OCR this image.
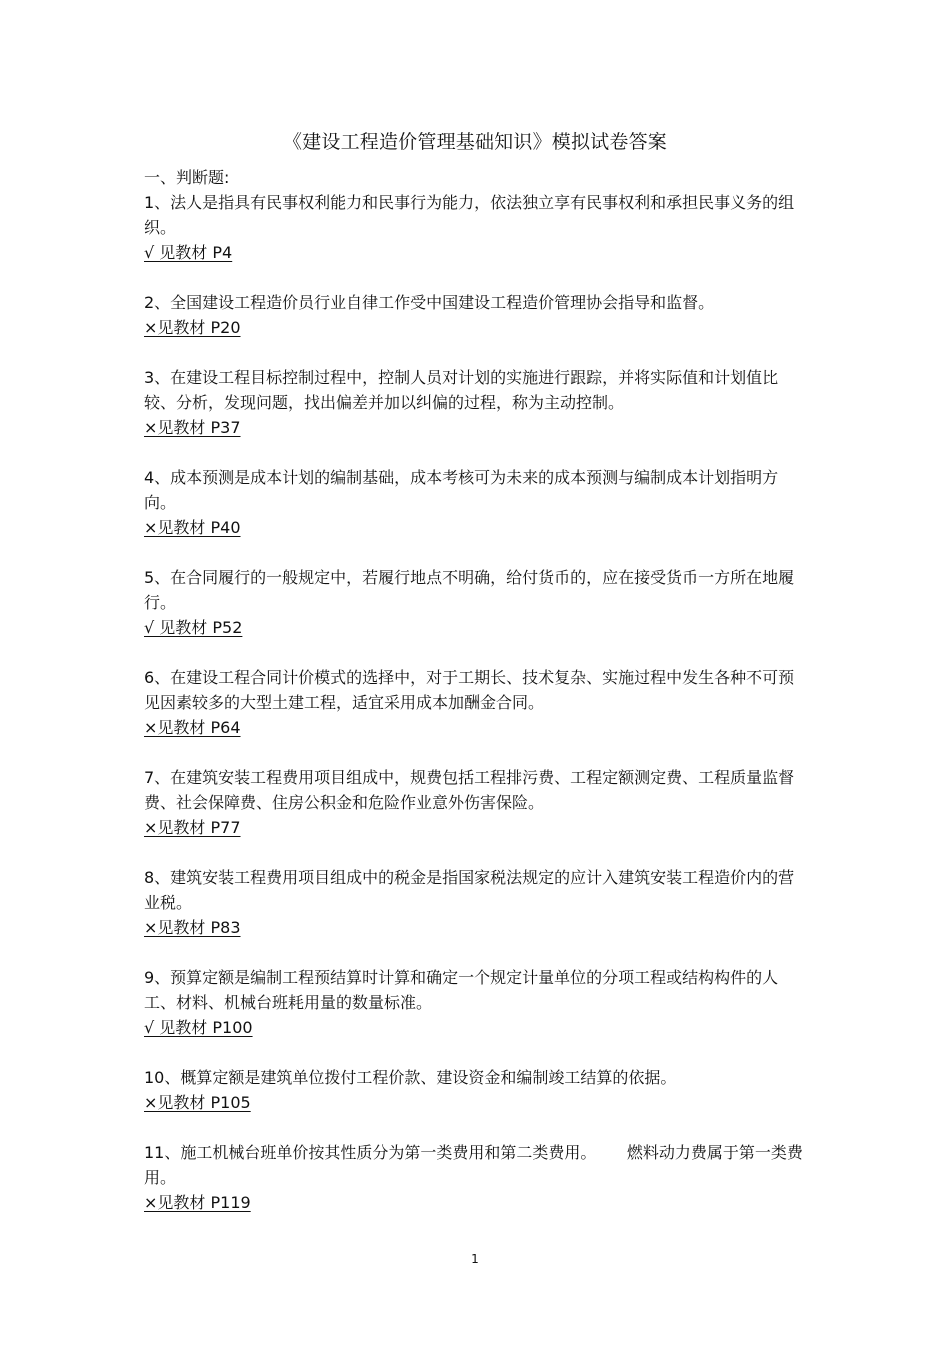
《建设工程造价管理基础知识》模拟试卷答案
一、判断题:

1、法人是指具有民事权利能力和民事行为能力，依法独立享有民事权利和承担民事义务的组织。

√ 见教材 P4

2、全国建设工程造价员行业自律工作受中国建设工程造价管理协会指导和监督。

×见教材 P20

3、在建设工程目标控制过程中，控制人员对计划的实施进行跟踪，并将实际值和计划值比较、分析，发现问题，找出偏差并加以纠偏的过程，称为主动控制。

×见教材 P37

4、成本预测是成本计划的编制基础，成本考核可为未来的成本预测与编制成本计划指明方向。

×见教材 P40

5、在合同履行的一般规定中，若履行地点不明确，给付货币的，应在接受货币一方所在地履行。

√ 见教材 P52

6、在建设工程合同计价模式的选择中，对于工期长、技术复杂、实施过程中发生各种不可预见因素较多的大型土建工程，适宜采用成本加酬金合同。

×见教材 P64

7、在建筑安装工程费用项目组成中，规费包括工程排污费、工程定额测定费、工程质量监督费、社会保障费、住房公积金和危险作业意外伤害保险。

×见教材 P77

8、建筑安装工程费用项目组成中的税金是指国家税法规定的应计入建筑安装工程造价内的营业税。

×见教材 P83

9、预算定额是编制工程预结算时计算和确定一个规定计量单位的分项工程或结构构件的人工、材料、机械台班耗用量的数量标准。

√ 见教材 P100

10、概算定额是建筑单位拨付工程价款、建设资金和编制竣工结算的依据。

×见教材 P105

11、施工机械台班单价按其性质分为第一类费用和第二类费用。      燃料动力费属于第一类费用。

×见教材 P119
1
